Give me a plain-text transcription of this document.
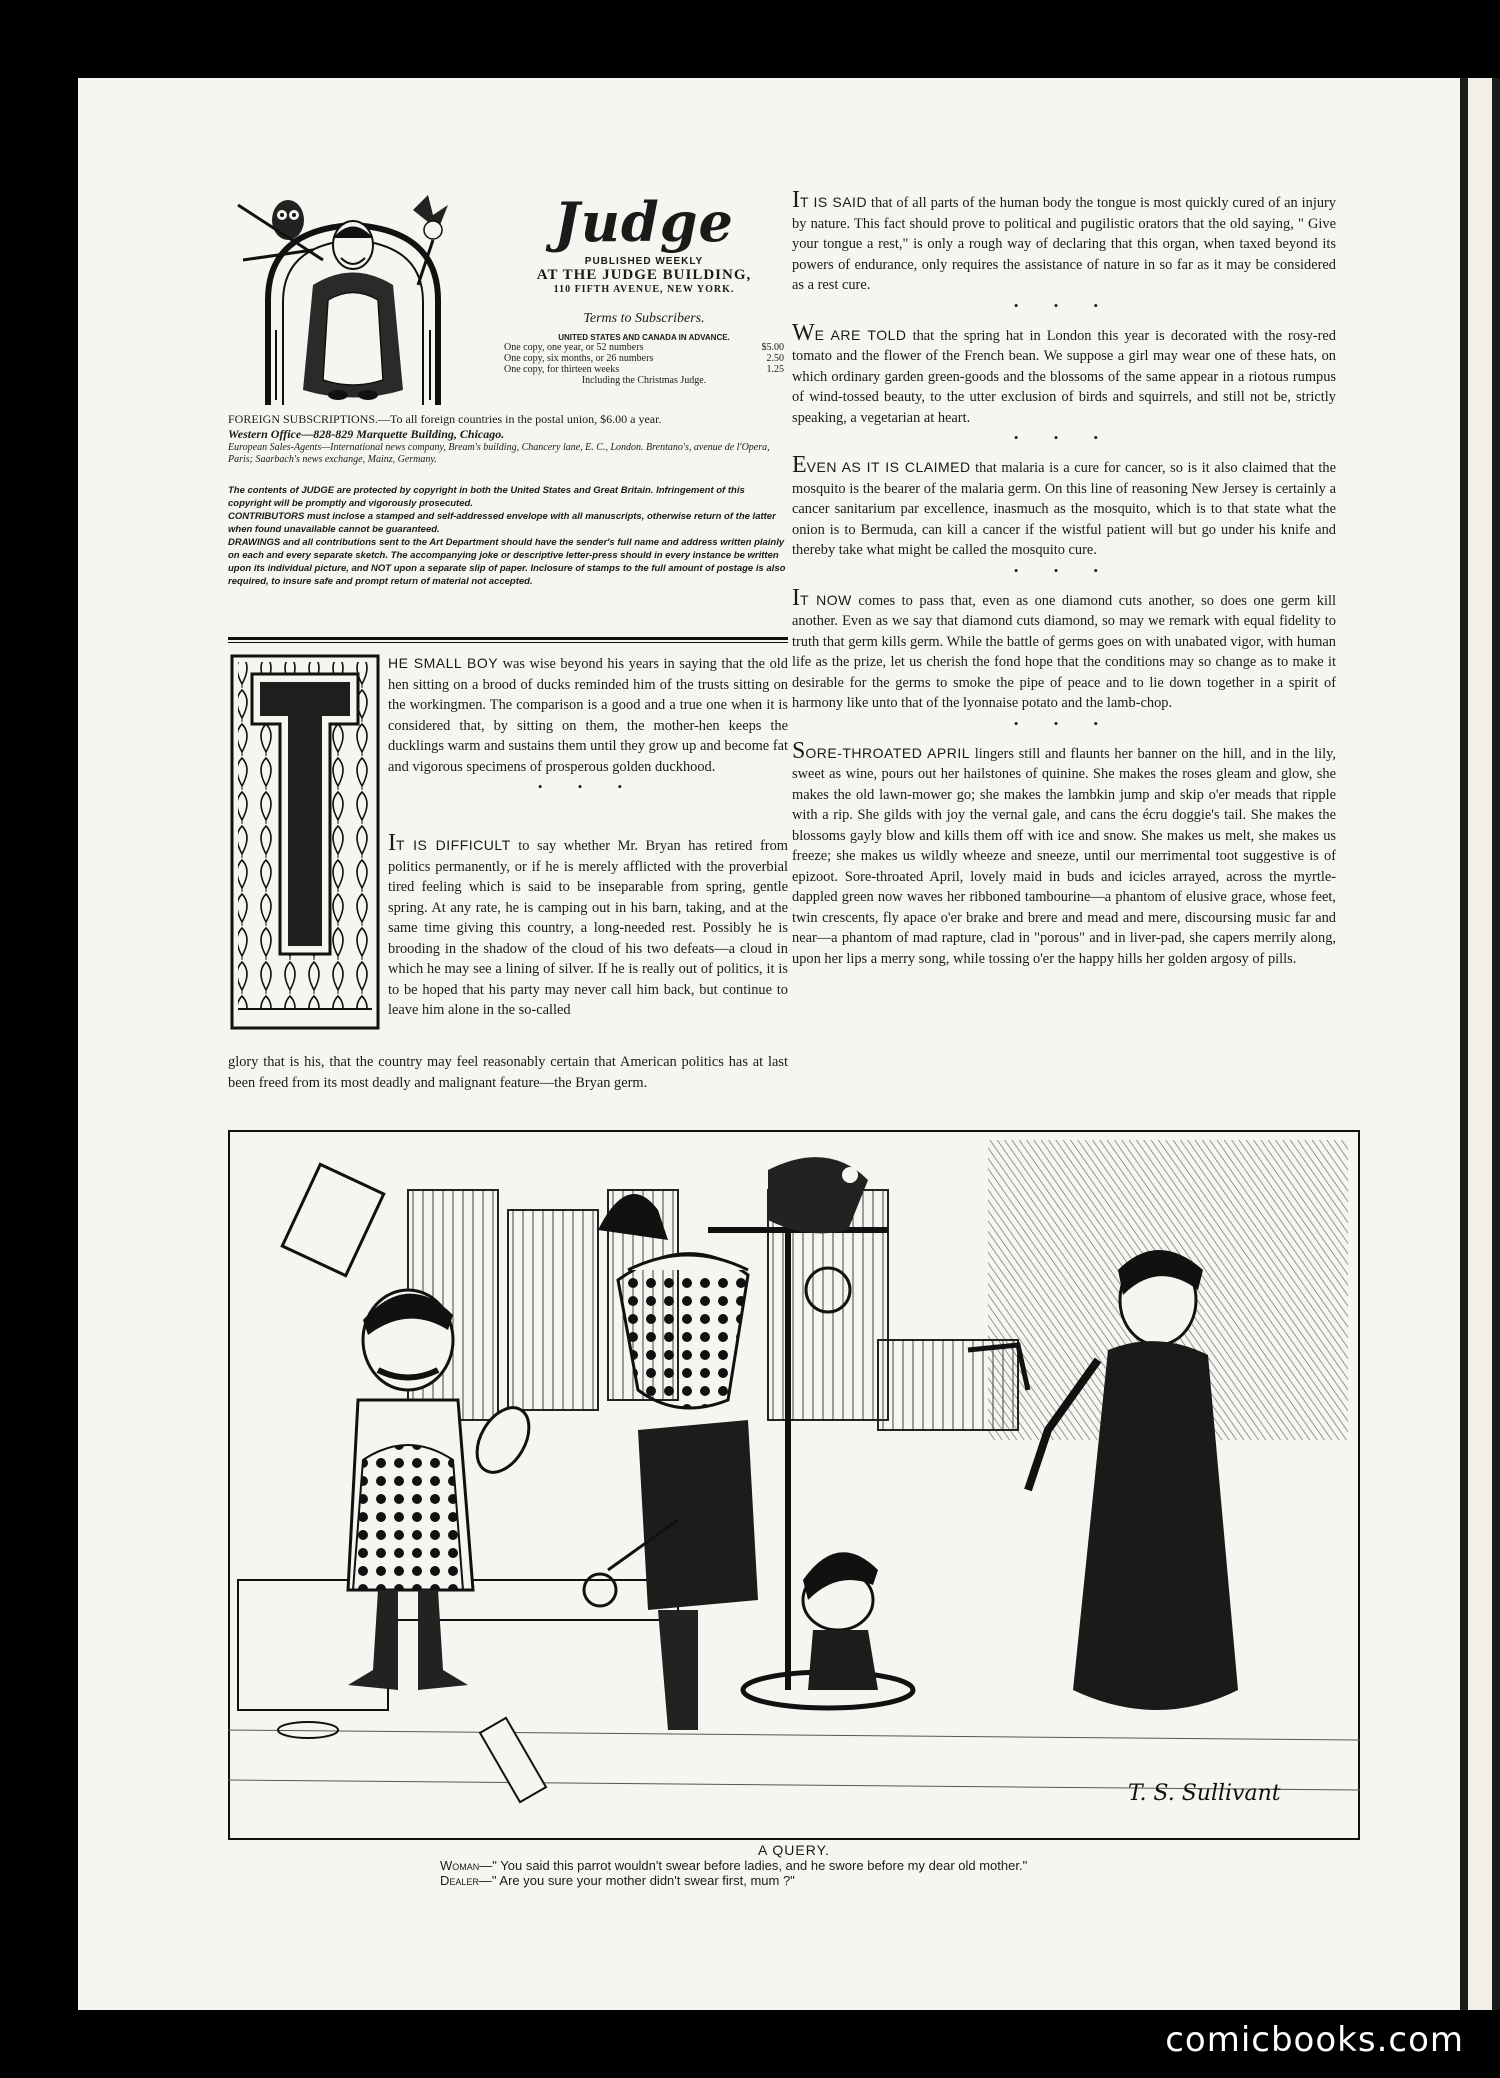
Judge
PUBLISHED WEEKLY
AT THE JUDGE BUILDING,
110 FIFTH AVENUE, NEW YORK.
Terms to Subscribers.
UNITED STATES AND CANADA IN ADVANCE.
One copy, one year, or 52 numbers	$5.00
One copy, six months, or 26 numbers	2.50
One copy, for thirteen weeks	1.25
Including the Christmas Judge.
FOREIGN SUBSCRIPTIONS.—To all foreign countries in the postal union, $6.00 a year.
Western Office—828-829 Marquette Building, Chicago.
European Sales-Agents—International news company, Bream's building, Chancery lane, E. C., London. Brentano's, avenue de l'Opera, Paris; Saarbach's news exchange, Mainz, Germany.
The contents of JUDGE are protected by copyright in both the United States and Great Britain. Infringement of this copyright will be promptly and vigorously prosecuted.
CONTRIBUTORS must inclose a stamped and self-addressed envelope with all manuscripts, otherwise return of the latter when found unavailable cannot be guaranteed.
DRAWINGS and all contributions sent to the Art Department should have the sender's full name and address written plainly on each and every separate sketch. The accompanying joke or descriptive letter-press should in every instance be written upon its individual picture, and NOT upon a separate slip of paper. Inclosure of stamps to the full amount of postage is also required, to insure safe and prompt return of material not accepted.
HE SMALL BOY was wise beyond his years in saying that the old hen sitting on a brood of ducks reminded him of the trusts sitting on the workingmen. The comparison is a good and a true one when it is considered that, by sitting on them, the mother-hen keeps the ducklings warm and sustains them until they grow up and become fat and vigorous specimens of prosperous golden duckhood.
• • •
IT IS DIFFICULT to say whether Mr. Bryan has retired from politics permanently, or if he is merely afflicted with the proverbial tired feeling which is said to be inseparable from spring, gentle spring. At any rate, he is camping out in his barn, taking, and at the same time giving this country, a long-needed rest. Possibly he is brooding in the shadow of the cloud of his two defeats—a cloud in which he may see a lining of silver. If he is really out of politics, it is to be hoped that his party may never call him back, but continue to leave him alone in the so-called
glory that is his, that the country may feel reasonably certain that American politics has at last been freed from its most deadly and malignant feature—the Bryan germ.

IT IS SAID that of all parts of the human body the tongue is most quickly cured of an injury by nature. This fact should prove to political and pugilistic orators that the old saying, " Give your tongue a rest," is only a rough way of declaring that this organ, when taxed beyond its powers of endurance, only requires the assistance of nature in so far as it may be considered as a rest cure.

• • •

WE ARE TOLD that the spring hat in London this year is decorated with the rosy-red tomato and the flower of the French bean. We suppose a girl may wear one of these hats, on which ordinary garden green-goods and the blossoms of the same appear in a riotous rumpus of wind-tossed beauty, to the utter exclusion of birds and squirrels, and still not be, strictly speaking, a vegetarian at heart.

• • •

EVEN AS IT IS CLAIMED that malaria is a cure for cancer, so is it also claimed that the mosquito is the bearer of the malaria germ. On this line of reasoning New Jersey is certainly a cancer sanitarium par excellence, inasmuch as the mosquito, which is to that state what the onion is to Bermuda, can kill a cancer if the wistful patient will but go under his knife and thereby take what might be called the mosquito cure.

• • •

IT NOW comes to pass that, even as one diamond cuts another, so does one germ kill another. Even as we say that diamond cuts diamond, so may we remark with equal fidelity to truth that germ kills germ. While the battle of germs goes on with unabated vigor, with human life as the prize, let us cherish the fond hope that the conditions may so change as to make it desirable for the germs to smoke the pipe of peace and to lie down together in a spirit of harmony like unto that of the lyonnaise potato and the lamb-chop.

• • •

SORE-THROATED APRIL lingers still and flaunts her banner on the hill, and in the lily, sweet as wine, pours out her hailstones of quinine. She makes the roses gleam and glow, she makes the old lawn-mower go; she makes the lambkin jump and skip o'er meads that ripple with a rip. She gilds with joy the vernal gale, and cans the écru doggie's tail. She makes the blossoms gayly blow and kills them off with ice and snow. She makes us melt, she makes us freeze; she makes us wildly wheeze and sneeze, until our merrimental toot suggestive is of epizoot. Sore-throated April, lovely maid in buds and icicles arrayed, across the myrtle-dappled green now waves her ribboned tambourine—a phantom of elusive grace, whose feet, twin crescents, fly apace o'er brake and brere and mead and mere, discoursing music far and near—a phantom of mad rapture, clad in "porous" and in liver-pad, she capers merrily along, upon her lips a merry song, while tossing o'er the happy hills her golden argosy of pills.

T. S. Sullivant
A QUERY.
Woman—" You said this parrot wouldn't swear before ladies, and he swore before my dear old mother."
Dealer—" Are you sure your mother didn't swear first, mum ?"
comicbooks.com
